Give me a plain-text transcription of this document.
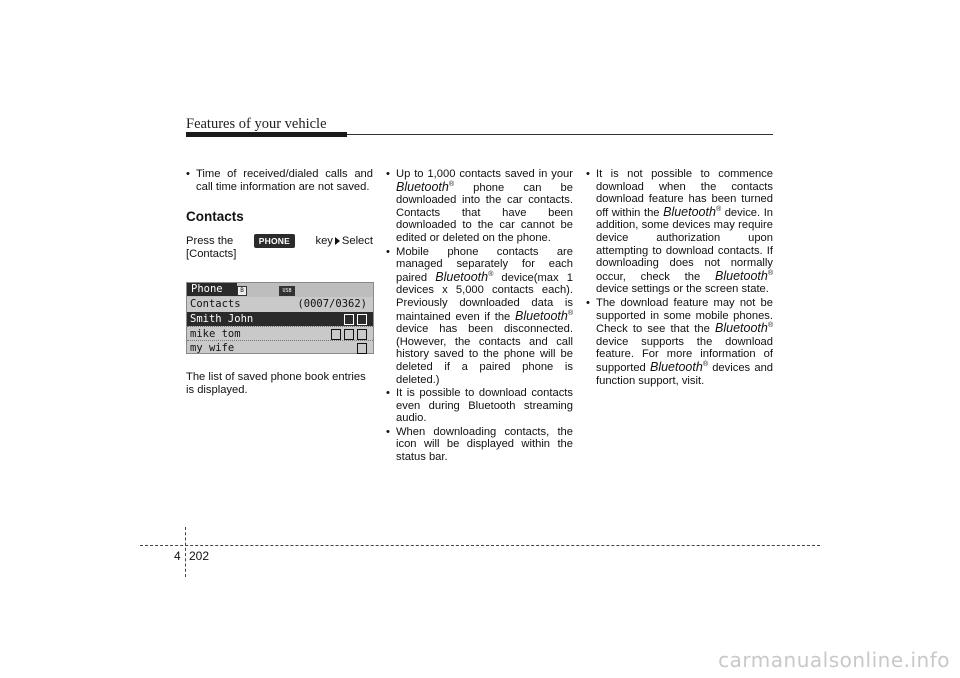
Features of your vehicle

• Time of received/dialed calls and call time information are not saved.

Contacts
Press the	PHONE	key Select
[Contacts]
Phone	B	USB
Contacts	(0007/0362)
Smith John
mike tom
my wife
The list of saved phone book entries is displayed.

• Up to 1,000 contacts saved in your Bluetooth® phone can be downloaded into the car contacts. Contacts that have been downloaded to the car cannot be edited or deleted on the phone.

• Mobile phone contacts are managed separately for each paired Bluetooth® device(max 1 devices x 5,000 contacts each). Previously downloaded data is maintained even if the Bluetooth® device has been disconnected. (However, the contacts and call history saved to the phone will be deleted if a paired phone is deleted.)

• It is possible to download contacts even during Bluetooth streaming audio.

• When downloading contacts, the icon will be displayed within the status bar.

• It is not possible to commence download when the contacts download feature has been turned off within the Bluetooth® device. In addition, some devices may require device authorization upon attempting to download contacts. If downloading does not normally occur, check the Bluetooth® device settings or the screen state.

• The download feature may not be supported in some mobile phones. Check to see that the Bluetooth® device supports the download feature. For more information of supported Bluetooth® devices and function support, visit.

4 202
carmanualsonline.info
